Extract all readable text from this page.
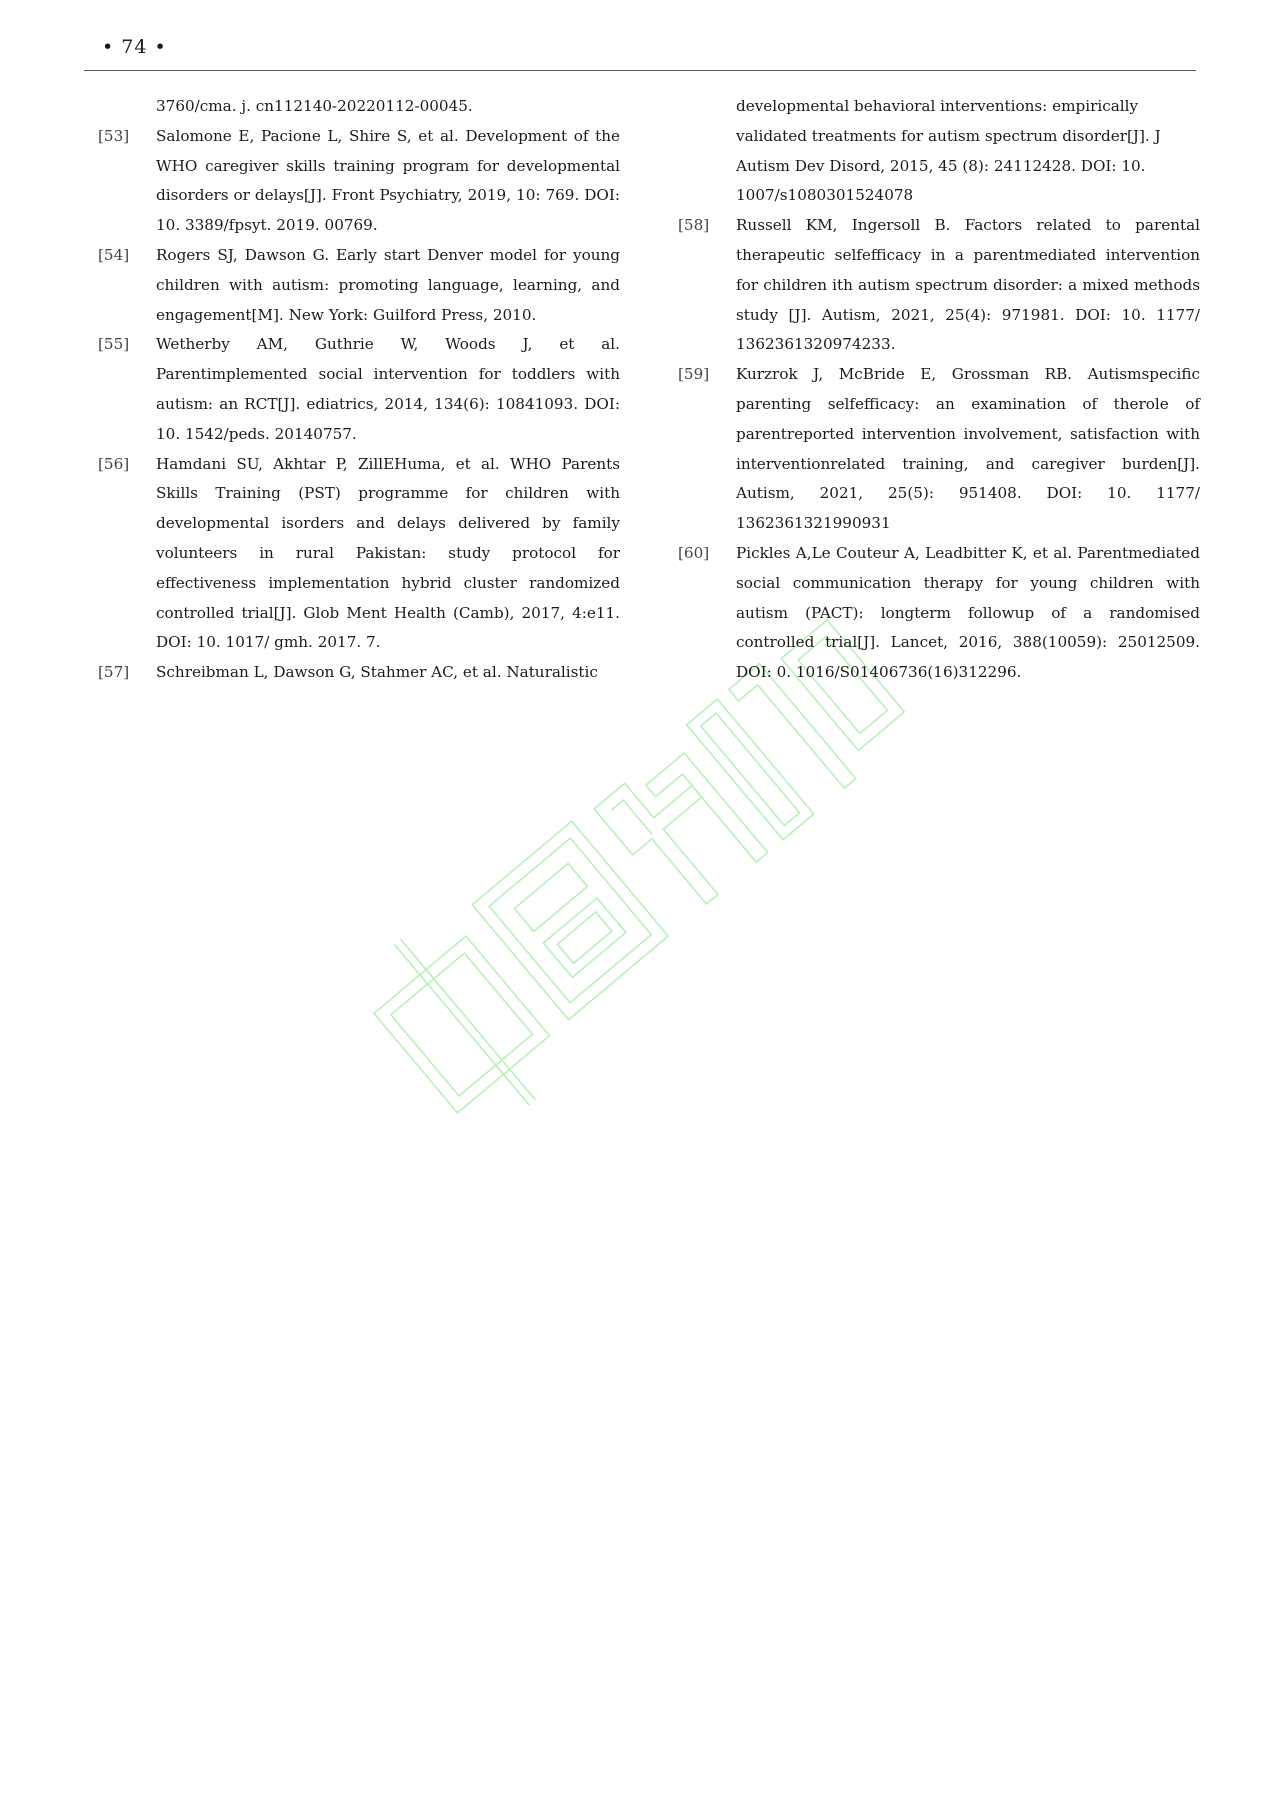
• 74 •

3760/cma. j. cn112140-20220112-00045.

[53] Salomone E, Pacione L, Shire S, et al. Development of the WHO caregiver skills training program for developmental disorders or delays[J]. Front Psychiatry, 2019, 10: 769. DOI: 10. 3389/fpsyt. 2019. 00769.
[54] Rogers SJ, Dawson G. Early start Denver model for young children with autism: promoting language, learning, and engagement[M]. New York: Guilford Press, 2010.
[55] Wetherby AM, Guthrie W, Woods J, et al. Parentimplemented social intervention for toddlers with autism: an RCT[J]. ediatrics, 2014, 134(6): 10841093. DOI: 10. 1542/peds. 20140757.
[56] Hamdani SU, Akhtar P, ZillEHuma, et al. WHO Parents Skills Training (PST) programme for children with developmental isorders and delays delivered by family volunteers in rural Pakistan: study protocol for effectiveness implementation hybrid cluster randomized controlled trial[J]. Glob Ment Health (Camb), 2017, 4:e11. DOI: 10. 1017/ gmh. 2017. 7.
[57] Schreibman L, Dawson G, Stahmer AC, et al. Naturalistic

developmental behavioral interventions: empirically validated treatments for autism spectrum disorder[J]. J Autism Dev Disord, 2015, 45 (8): 24112428. DOI: 10. 1007/s1080301524078

[58] Russell KM, Ingersoll B. Factors related to parental therapeutic selfefficacy in a parentmediated intervention for children ith autism spectrum disorder: a mixed methods study [J]. Autism, 2021, 25(4): 971981. DOI: 10. 1177/ 1362361320974233.
[59] Kurzrok J, McBride E, Grossman RB. Autismspecific parenting selfefficacy: an examination of therole of parentreported intervention involvement, satisfaction with interventionrelated training, and caregiver burden[J]. Autism, 2021, 25(5): 951408. DOI: 10. 1177/ 1362361321990931
[60] Pickles A,Le Couteur A, Leadbitter K, et al. Parentmediated social communication therapy for young children with autism (PACT): longterm followup of a randomised controlled trial[J]. Lancet, 2016, 388(10059): 25012509. DOI: 0. 1016/S01406736(16)312296.
